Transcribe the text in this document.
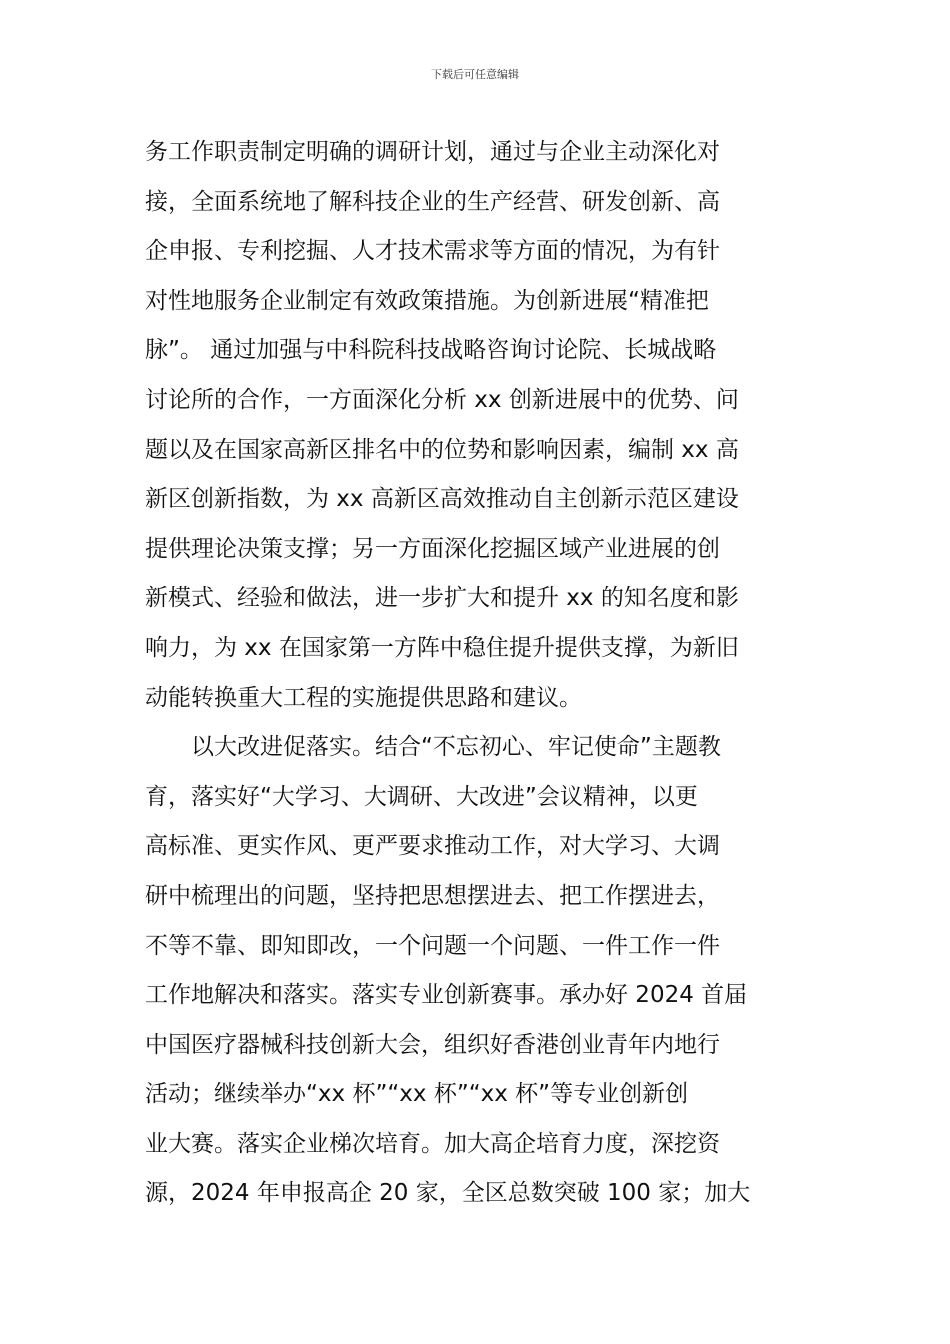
下载后可任意编辑
务工作职责制定明确的调研计划，通过与企业主动深化对
接，全面系统地了解科技企业的生产经营、研发创新、高
企申报、专利挖掘、人才技术需求等方面的情况，为有针
对性地服务企业制定有效政策措施。为创新进展“精准把
脉”。 通过加强与中科院科技战略咨询讨论院、长城战略
讨论所的合作，一方面深化分析 xx 创新进展中的优势、问
题以及在国家高新区排名中的位势和影响因素，编制 xx 高
新区创新指数，为 xx 高新区高效推动自主创新示范区建设
提供理论决策支撑；另一方面深化挖掘区域产业进展的创
新模式、经验和做法，进一步扩大和提升 xx 的知名度和影
响力，为 xx 在国家第一方阵中稳住提升提供支撑，为新旧
动能转换重大工程的实施提供思路和建议。
以大改进促落实。结合“不忘初心、牢记使命”主题教
育，落实好“大学习、大调研、大改进”会议精神，以更
高标准、更实作风、更严要求推动工作，对大学习、大调
研中梳理出的问题，坚持把思想摆进去、把工作摆进去，
不等不靠、即知即改，一个问题一个问题、一件工作一件
工作地解决和落实。落实专业创新赛事。承办好 2024 首届
中国医疗器械科技创新大会，组织好香港创业青年内地行
活动；继续举办“xx 杯”“xx 杯”“xx 杯”等专业创新创
业大赛。落实企业梯次培育。加大高企培育力度，深挖资
源，2024 年申报高企 20 家，全区总数突破 100 家；加大
